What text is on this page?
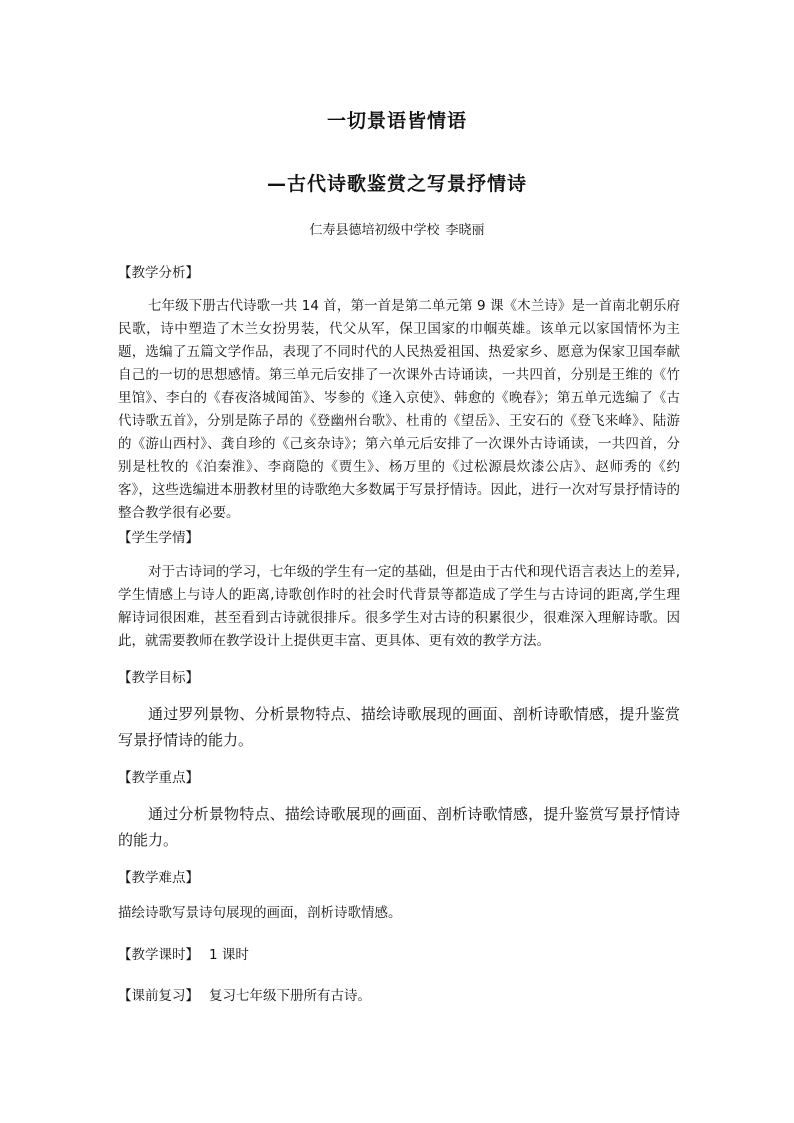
一切景语皆情语
—古代诗歌鉴赏之写景抒情诗
仁寿县德培初级中学校 李晓丽
【教学分析】
七年级下册古代诗歌一共 14 首，第一首是第二单元第 9 课《木兰诗》是一首南北朝乐府民歌，诗中塑造了木兰女扮男装，代父从军，保卫国家的巾帼英雄。该单元以家国情怀为主题，选编了五篇文学作品，表现了不同时代的人民热爱祖国、热爱家乡、愿意为保家卫国奉献自己的一切的思想感情。第三单元后安排了一次课外古诗诵读，一共四首，分别是王维的《竹里馆》、李白的《春夜洛城闻笛》、岑参的《逢入京使》、韩愈的《晚春》；第五单元选编了《古代诗歌五首》，分别是陈子昂的《登幽州台歌》、杜甫的《望岳》、王安石的《登飞来峰》、陆游的《游山西村》、龚自珍的《己亥杂诗》；第六单元后安排了一次课外古诗诵读，一共四首，分别是杜牧的《泊秦淮》、李商隐的《贾生》、杨万里的《过松源晨炊漆公店》、赵师秀的《约客》，这些选编进本册教材里的诗歌绝大多数属于写景抒情诗。因此，进行一次对写景抒情诗的整合教学很有必要。
【学生学情】
对于古诗词的学习，七年级的学生有一定的基础，但是由于古代和现代语言表达上的差异,学生情感上与诗人的距离,诗歌创作时的社会时代背景等都造成了学生与古诗词的距离,学生理解诗词很困难，甚至看到古诗就很排斥。很多学生对古诗的积累很少，很难深入理解诗歌。因此，就需要教师在教学设计上提供更丰富、更具体、更有效的教学方法。
【教学目标】
通过罗列景物、分析景物特点、描绘诗歌展现的画面、剖析诗歌情感，提升鉴赏写景抒情诗的能力。
【教学重点】
通过分析景物特点、描绘诗歌展现的画面、剖析诗歌情感，提升鉴赏写景抒情诗的能力。
【教学难点】
描绘诗歌写景诗句展现的画面，剖析诗歌情感。
【教学课时】 1 课时
【课前复习】 复习七年级下册所有古诗。
